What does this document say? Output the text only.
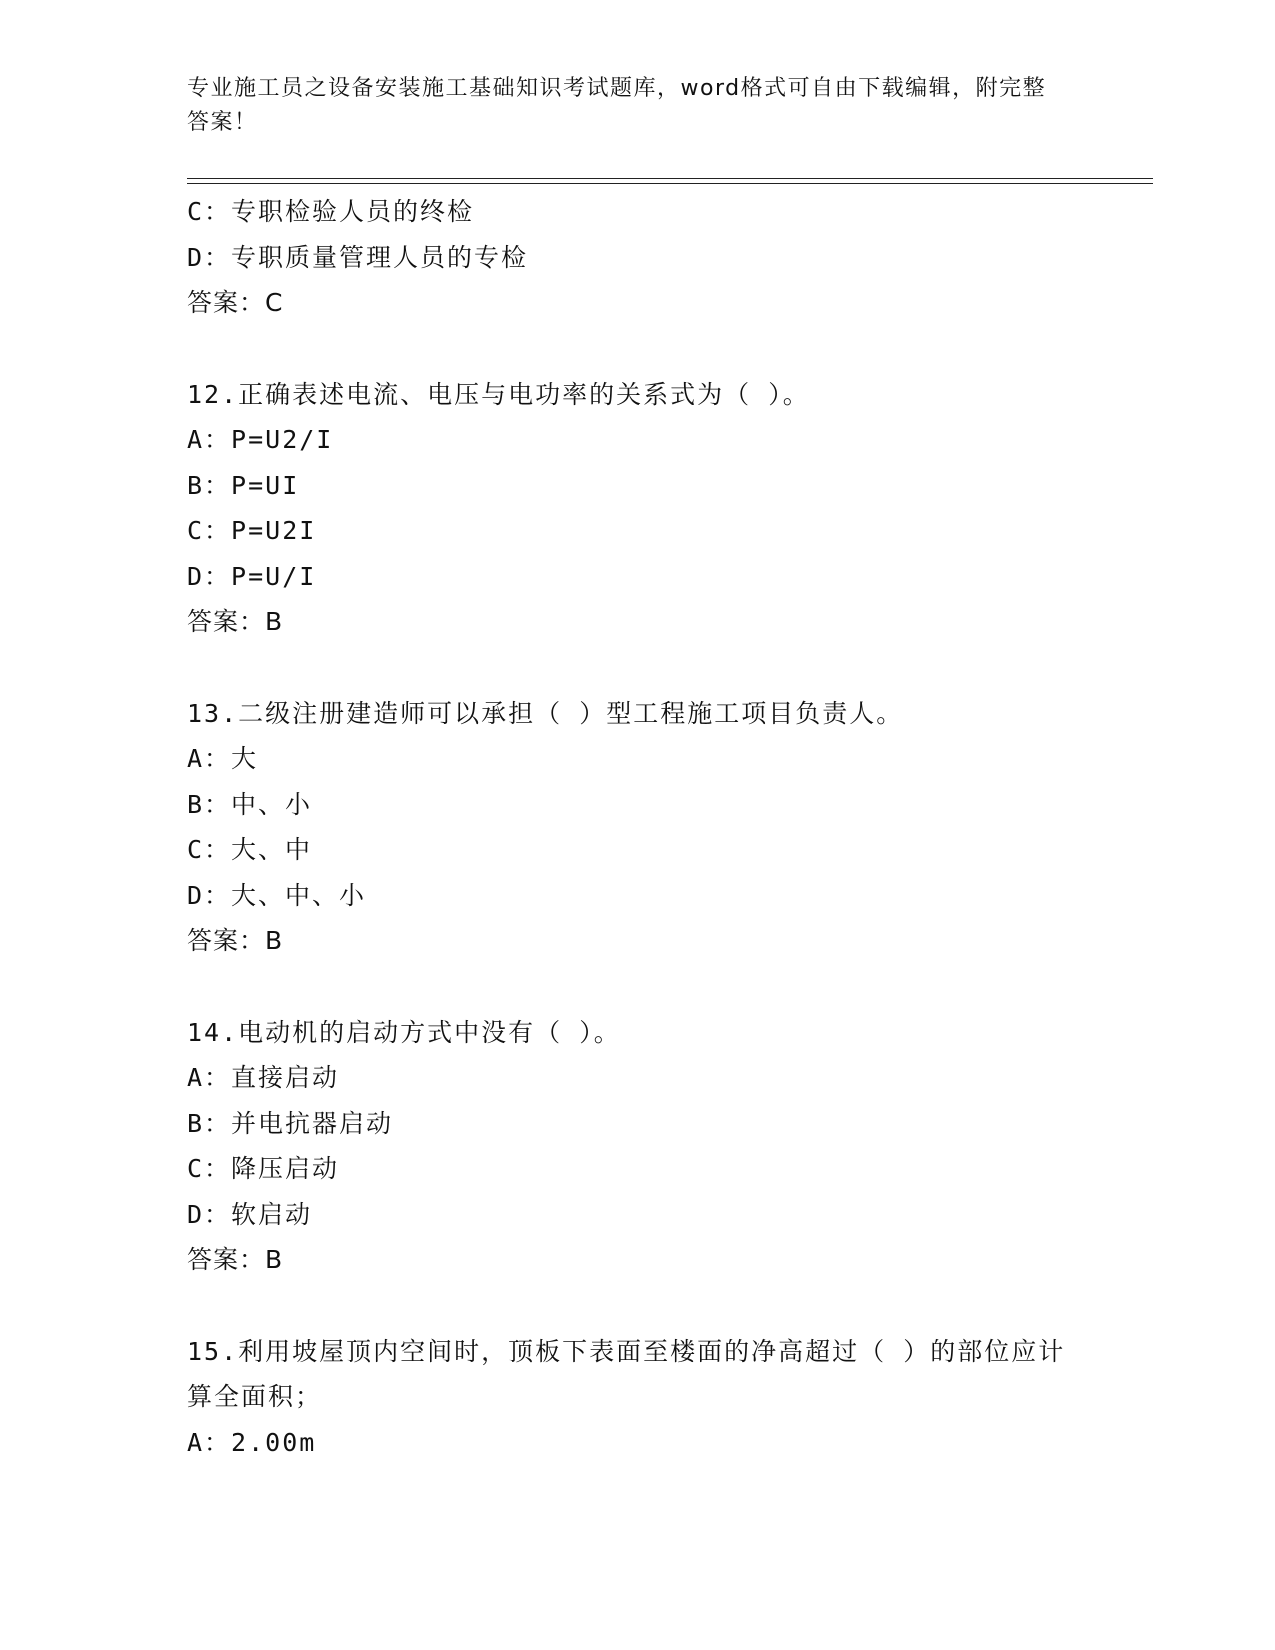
专业施工员之设备安装施工基础知识考试题库，word格式可自由下载编辑，附完整答案！
C：专职检验人员的终检
D：专职质量管理人员的专检
答案：C
12.正确表述电流、电压与电功率的关系式为（ ）。
A：P=U2/I
B：P=UI
C：P=U2I
D：P=U/I
答案：B
13.二级注册建造师可以承担（ ）型工程施工项目负责人。
A：大
B：中、小
C：大、中
D：大、中、小
答案：B
14.电动机的启动方式中没有（ ）。
A：直接启动
B：并电抗器启动
C：降压启动
D：软启动
答案：B
15.利用坡屋顶内空间时，顶板下表面至楼面的净高超过（ ）的部位应计算全面积；
A：2.00m
